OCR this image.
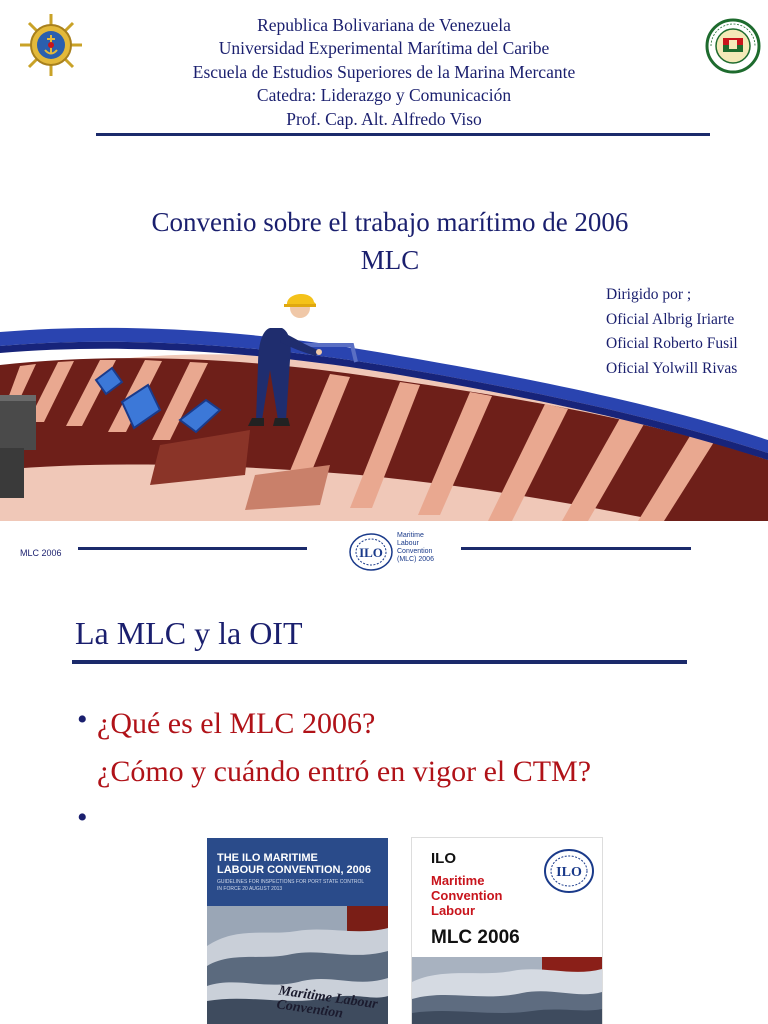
Republica Bolivariana de Venezuela
Universidad Experimental Marítima del Caribe
Escuela de Estudios Superiores de la Marina Mercante
Catedra: Liderazgo y Comunicación
Prof. Cap. Alt. Alfredo Viso
Convenio sobre el trabajo marítimo de 2006
MLC
Dirigido por ;
Oficial Albrig Iriarte
Oficial Roberto Fusil
Oficial Yolwill Rivas
MLC 2006	ILO
Maritime
Labour
Convention
(MLC) 2006
La MLC y la OIT
• ¿Qué es el MLC 2006?
¿Cómo y cuándo entró en vigor el CTM?
•
THE ILO MARITIME
LABOUR CONVENTION, 2006
GUIDELINES FOR INSPECTIONS FOR PORT STATE CONTROL
IN FORCE 20 AUGUST 2013
Maritime Labour Convention
ILO
ILO
Maritime
Convention
Labour
MLC 2006
